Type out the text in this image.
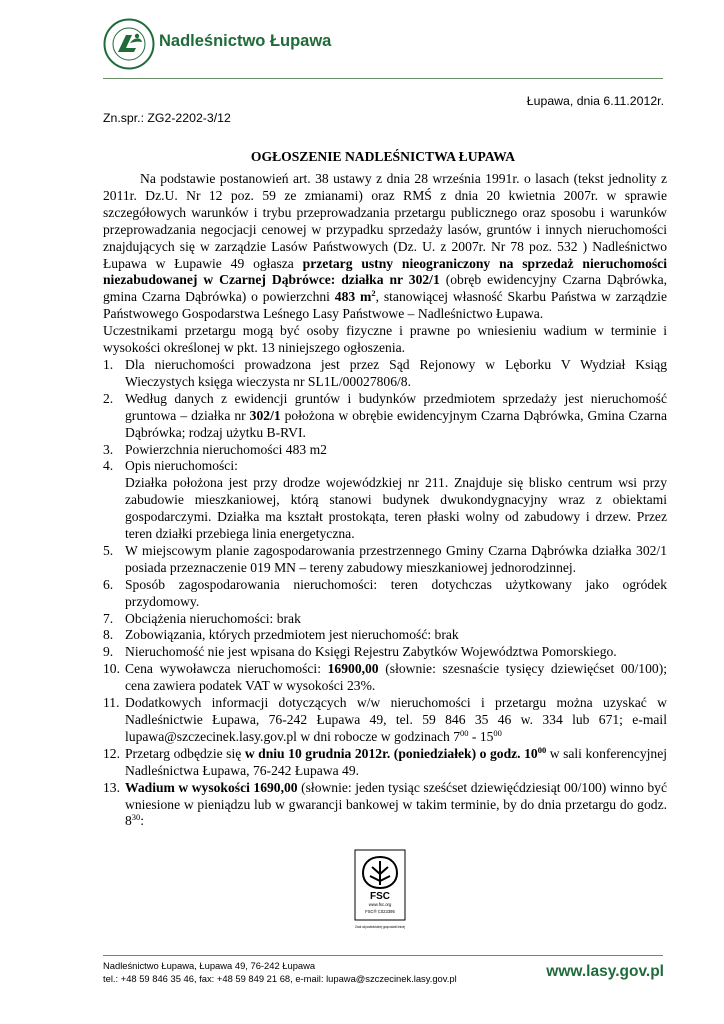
Nadleśnictwo Łupawa
Łupawa, dnia 6.11.2012r.
Zn.spr.: ZG2-2202-3/12
OGŁOSZENIE NADLEŚNICTWA ŁUPAWA

Na podstawie postanowień art. 38 ustawy z dnia 28 września 1991r. o lasach (tekst jednolity z 2011r. Dz.U. Nr 12 poz. 59 ze zmianami) oraz RMŚ z dnia 20 kwietnia 2007r. w sprawie szczegółowych warunków i trybu przeprowadzania przetargu publicznego oraz sposobu i warunków przeprowadzania negocjacji cenowej w przypadku sprzedaży lasów, gruntów i innych nieruchomości znajdujących się w zarządzie Lasów Państwowych (Dz. U. z 2007r. Nr 78 poz. 532 ) Nadleśnictwo Łupawa w Łupawie 49 ogłasza przetarg ustny nieograniczony na sprzedaż nieruchomości niezabudowanej w Czarnej Dąbrówce: działka nr 302/1 (obręb ewidencyjny Czarna Dąbrówka, gmina Czarna Dąbrówka) o powierzchni 483 $m^2$, stanowiącej własność Skarbu Państwa w zarządzie Państwowego Gospodarstwa Leśnego Lasy Państwowe – Nadleśnictwo Łupawa.

Uczestnikami przetargu mogą być osoby fizyczne i prawne po wniesieniu wadium w terminie i wysokości określonej w pkt. 13 niniejszego ogłoszenia.

1. Dla nieruchomości prowadzona jest przez Sąd Rejonowy w Lęborku V Wydział Ksiąg Wieczystych księga wieczysta nr SL1L/00027806/8.
2. Według danych z ewidencji gruntów i budynków przedmiotem sprzedaży jest nieruchomość gruntowa – działka nr 302/1 położona w obrębie ewidencyjnym Czarna Dąbrówka, Gmina Czarna Dąbrówka; rodzaj użytku B-RVI.
3. Powierzchnia nieruchomości 483 m2
4. Opis nieruchomości:
Działka położona jest przy drodze wojewódzkiej nr 211. Znajduje się blisko centrum wsi przy zabudowie mieszkaniowej, którą stanowi budynek dwukondygnacyjny wraz z obiektami gospodarczymi. Działka ma kształt prostokąta, teren płaski wolny od zabudowy i drzew. Przez teren działki przebiega linia energetyczna.
5. W miejscowym planie zagospodarowania przestrzennego Gminy Czarna Dąbrówka działka 302/1 posiada przeznaczenie 019 MN – tereny zabudowy mieszkaniowej jednorodzinnej.
6. Sposób zagospodarowania nieruchomości: teren dotychczas użytkowany jako ogródek przydomowy.
7. Obciążenia nieruchomości: brak
8. Zobowiązania, których przedmiotem jest nieruchomość: brak
9. Nieruchomość nie jest wpisana do Księgi Rejestru Zabytków Województwa Pomorskiego.
10. Cena wywoławcza nieruchomości: 16900,00 (słownie: szesnaście tysięcy dziewięćset 00/100); cena zawiera podatek VAT w wysokości 23%.
11. Dodatkowych informacji dotyczących w/w nieruchomości i przetargu można uzyskać w Nadleśnictwie Łupawa, 76-242 Łupawa 49, tel. 59 846 35 46 w. 334 lub 671; e-mail lupawa@szczecinek.lasy.gov.pl w dni robocze w godzinach $7^{00} - 15^{00}$
12. Przetarg odbędzie się w dniu 10 grudnia 2012r. (poniedziałek) o godz. $10^{00}$ w sali konferencyjnej Nadleśnictwa Łupawa, 76-242 Łupawa 49.
13. Wadium w wysokości 1690,00 (słownie: jeden tysiąc sześćset dziewięćdziesiąt 00/100) winno być wniesione w pieniądzu lub w gwarancji bankowej w takim terminie, by do dnia przetargu do godz. $8^{30}$:
FSC
www.fsc.org
FSC® C023395
Znak odpowiedzialnej gospodarki leśnej
Nadleśnictwo Łupawa, Łupawa 49, 76-242 Łupawa
tel.: +48 59 846 35 46, fax: +48 59 849 21 68, e-mail: lupawa@szczecinek.lasy.gov.pl	www.lasy.gov.pl
